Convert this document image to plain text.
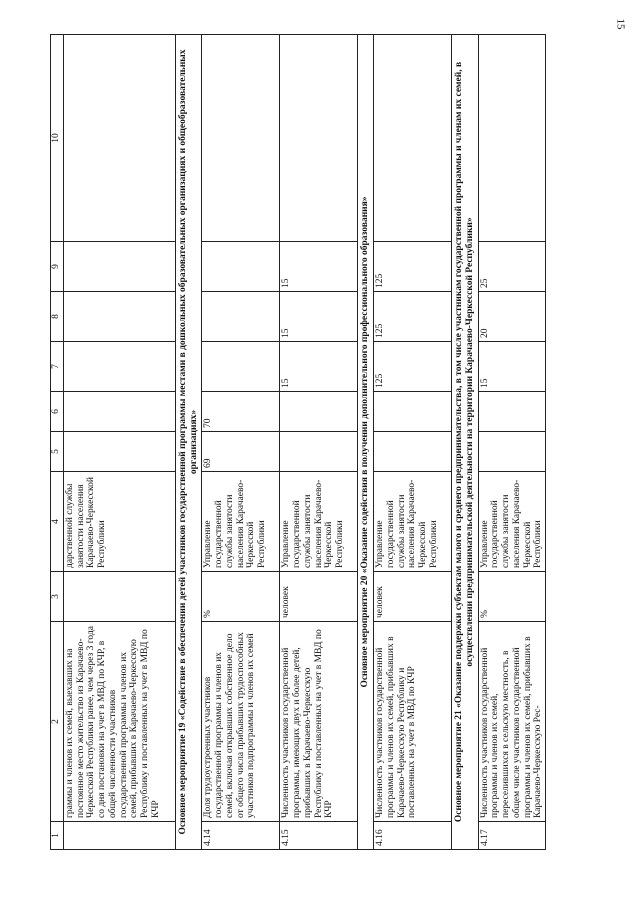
15
1	2	3	4	5	6	7	8	9	10
	граммы и членов их семей, выехавших на постоянное место жительство из Карачаево-Черкесской Республики ранее, чем через 3 года со дня постановки на учет в МВД по КЧР, в общей численности участников государственной программы и членов их семей, прибывших в Карачаево-Черкесскую Республику и поставленных на учет в МВД по КЧР		дарственной службы занятости населения Карачаево-Черкесской Республики						
Основное мероприятие 19 «Содействие в обеспечении детей участников государственной программы местами в дошкольных образовательных организациях и общеобразовательных организациях»									
4.14	Доля трудоустроенных участников государственной программы и членов их семей, включая открывших собственное дело от общего числа прибывших трудоспособных участников подпрограммы и членов их семей	%	Управление государственной службы занятости населения Карачаево-Черкесской Республики	69	70				
4.15	Численность участников государственной программы, имеющих двух и более детей, прибывших в Карачаево-Черкесскую Республику и поставленных на учет в МВД по КЧР	человек	Управление государственной службы занятости населения Карачаево-Черкесской Республики			15	15	15	
Основное мероприятие 20 «Оказание содействия в получении дополнительного профессионального образования»									
4.16	Численность участников государственной программы и членов их семей, прибывших в Карачаево-Черкесскую Республику и поставленных на учет в МВД по КЧР	человек	Управление государственной службы занятости населения Карачаево-Черкесской Республики			125	125	125	
Основное мероприятие 21 «Оказание поддержки субъектам малого и среднего предпринимательства, в том числе участникам государственной программы и членам их семей, в осуществлении предпринимательской деятельности на территории Карачаево-Черкесской Республики»									
4.17	Численность участников государственной программы и членов их семей, переселившихся в сельскую местность, в общем числе участников государственной программы и членов их семей, прибывших в Карачаево-Черкесскую Рес-	%	Управление государственной службы занятости населения Карачаево-Черкесской Республики			15	20	25	
